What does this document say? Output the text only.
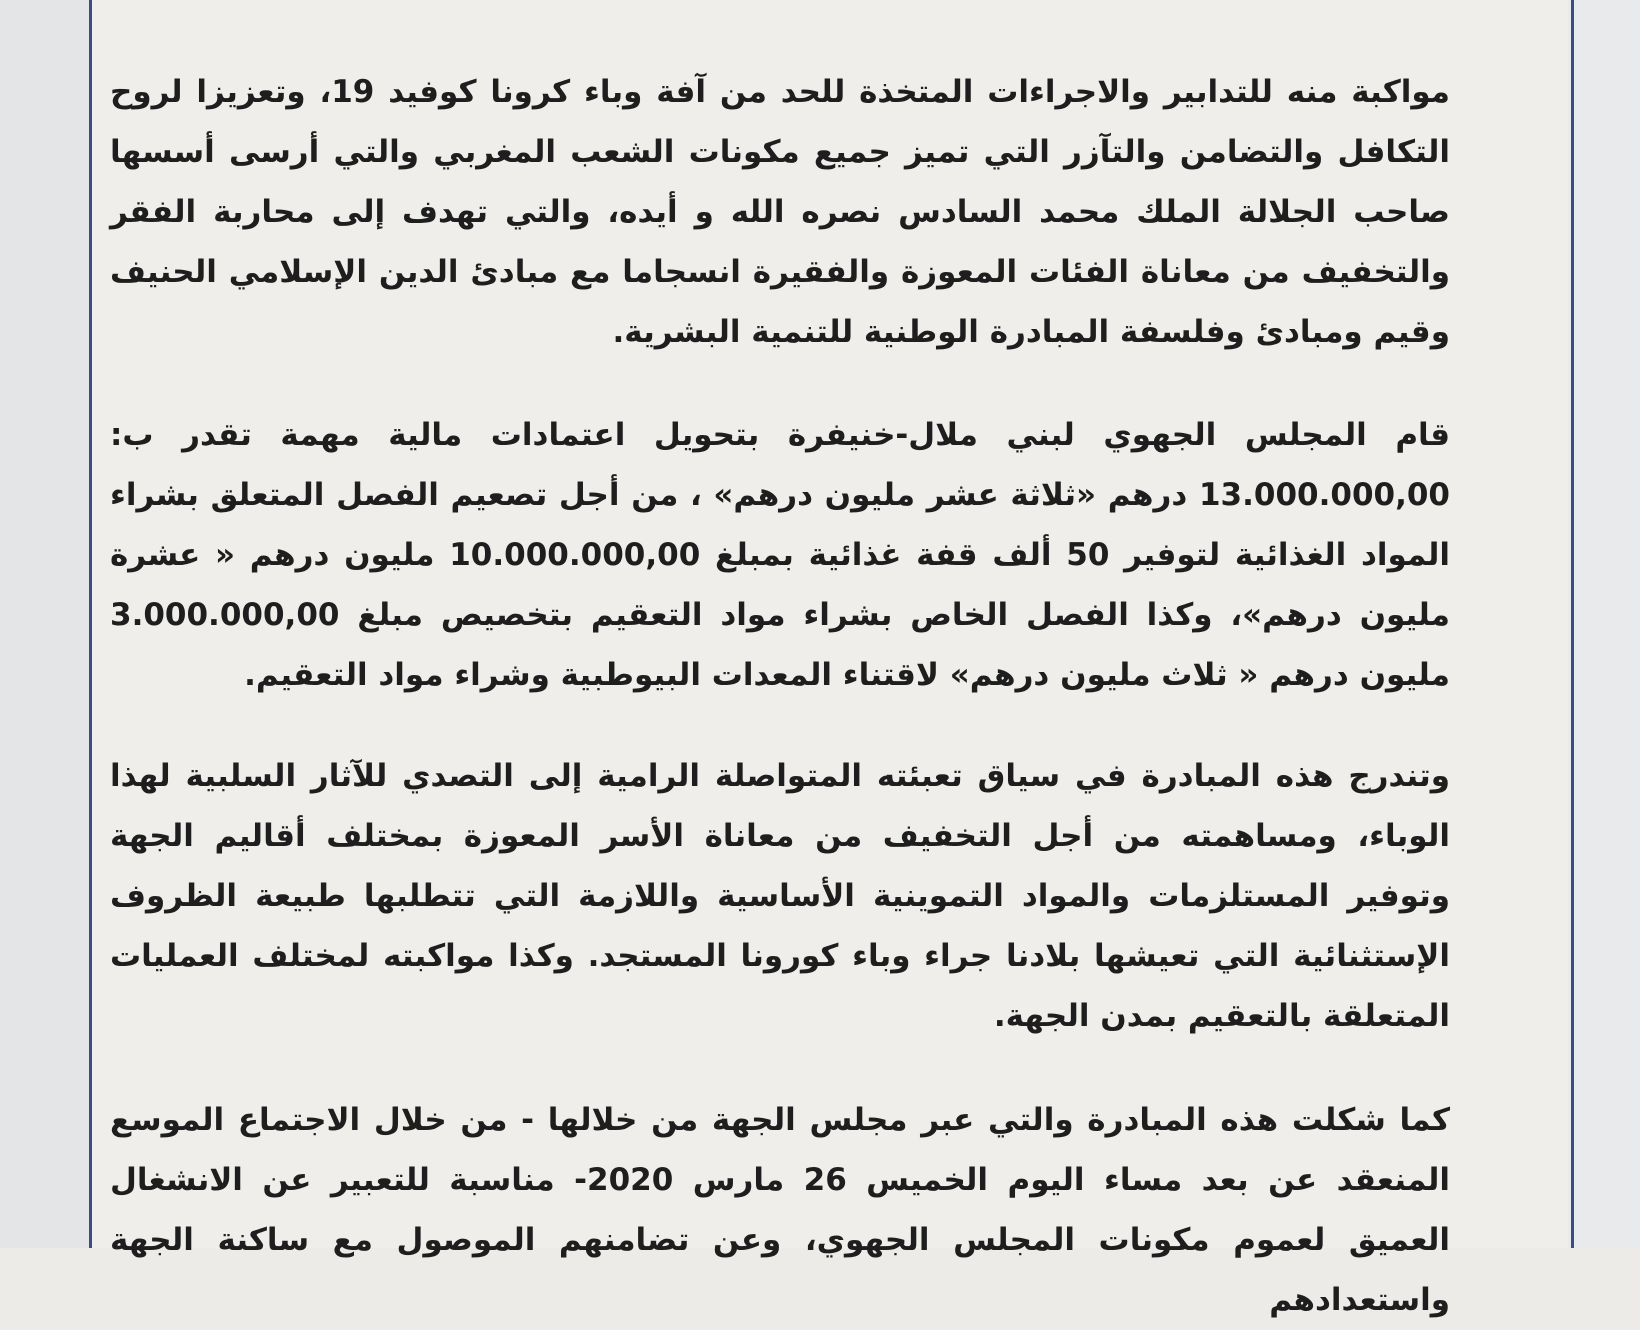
مواكبة منه للتدابير والاجراءات المتخذة للحد من آفة وباء كرونا كوفيد 19، وتعزيزا لروح التكافل والتضامن والتآزر التي تميز جميع مكونات الشعب المغربي والتي أرسى أسسها صاحب الجلالة الملك محمد السادس نصره الله و أيده، والتي تهدف إلى محاربة الفقر والتخفيف من معاناة الفئات المعوزة والفقيرة انسجاما مع مبادئ الدين الإسلامي الحنيف وقيم ومبادئ وفلسفة المبادرة الوطنية للتنمية البشرية.

قام المجلس الجهوي لبني ملال-خنيفرة بتحويل اعتمادات مالية مهمة تقدر ب: 13.000.000,00 درهم «ثلاثة عشر مليون درهم» ، من أجل تصعيم الفصل المتعلق بشراء المواد الغذائية لتوفير 50 ألف قفة غذائية بمبلغ 10.000.000,00 مليون درهم « عشرة مليون درهم»، وكذا الفصل الخاص بشراء مواد التعقيم بتخصيص مبلغ 3.000.000,00 مليون درهم « ثلاث مليون درهم» لاقتناء المعدات البيوطبية وشراء مواد التعقيم.

وتندرج هذه المبادرة في سياق تعبئته المتواصلة الرامية إلى التصدي للآثار السلبية لهذا الوباء، ومساهمته من أجل التخفيف من معاناة الأسر المعوزة بمختلف أقاليم الجهة وتوفير المستلزمات والمواد التموينية الأساسية واللازمة التي تتطلبها طبيعة الظروف الإستثنائية التي تعيشها بلادنا جراء وباء كورونا المستجد. وكذا مواكبته لمختلف العمليات المتعلقة بالتعقيم بمدن الجهة.

كما شكلت هذه المبادرة والتي عبر مجلس الجهة من خلالها - من خلال الاجتماع الموسع المنعقد عن بعد مساء اليوم الخميس 26 مارس 2020- مناسبة للتعبير عن الانشغال العميق لعموم مكونات المجلس الجهوي، وعن تضامنهم الموصول مع ساكنة الجهة واستعدادهم
